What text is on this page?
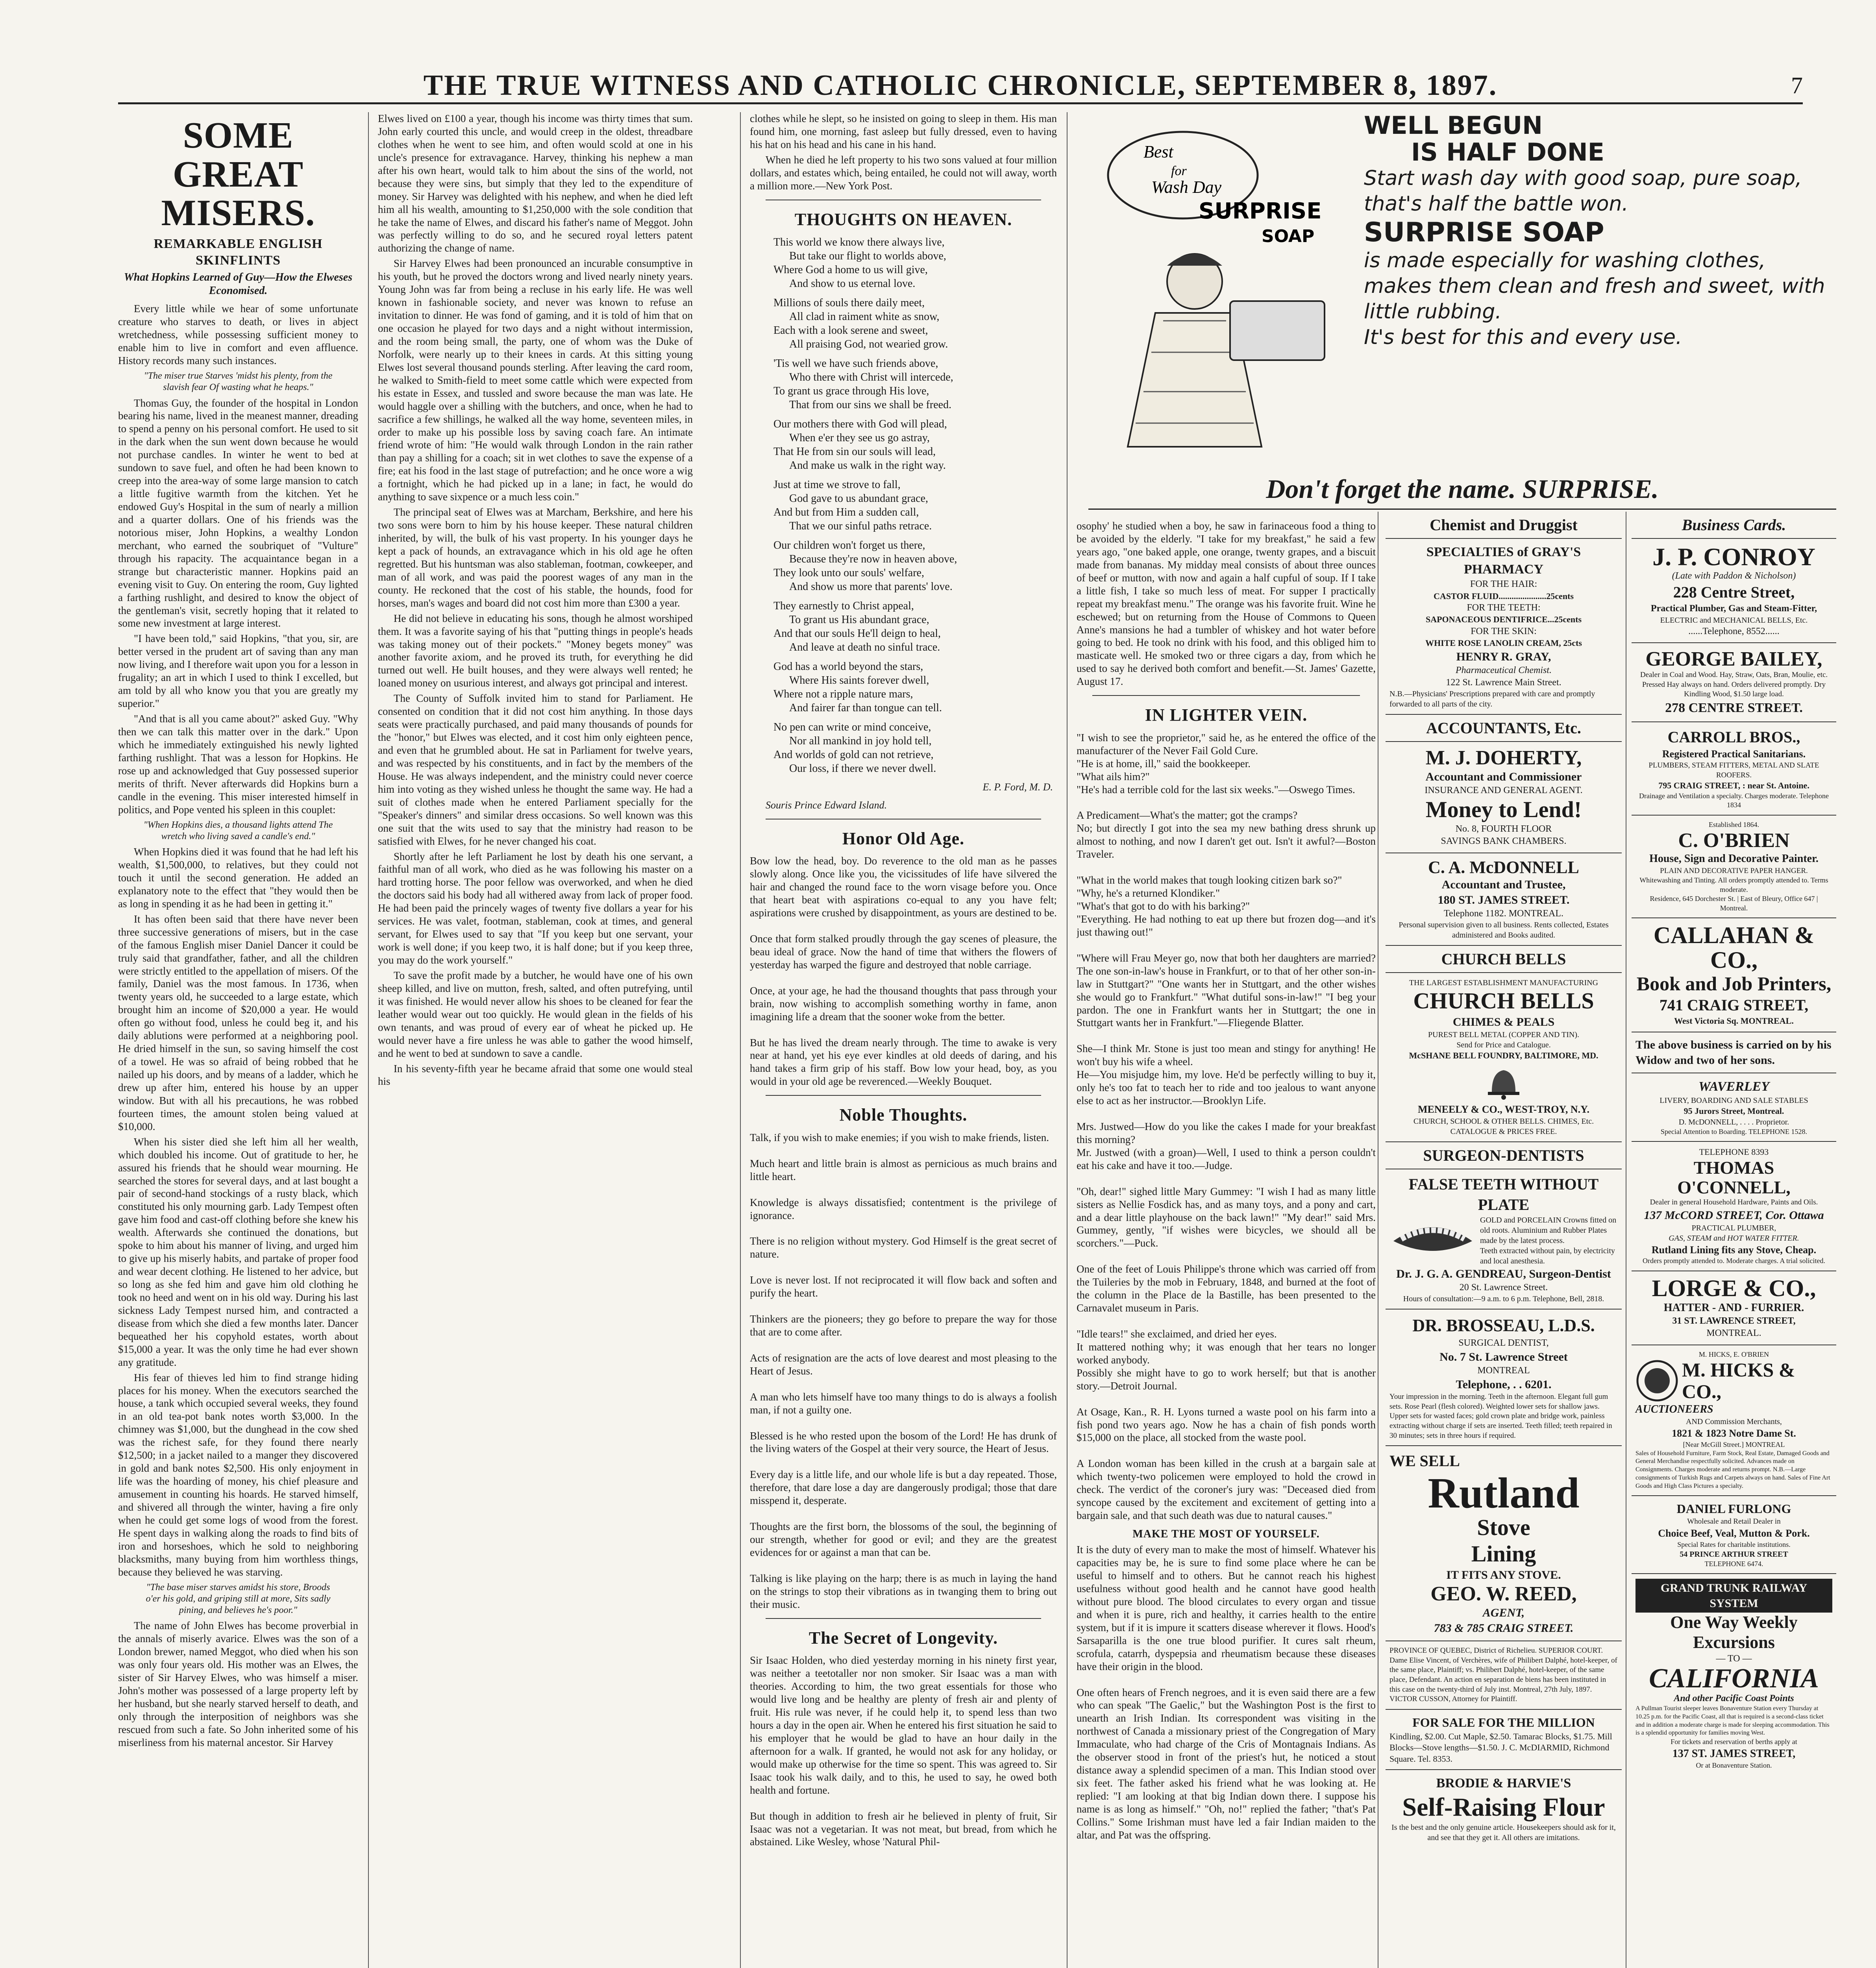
THE TRUE WITNESS AND CATHOLIC CHRONICLE, SEPTEMBER 8, 1897.	7
SOME GREAT MISERS.
REMARKABLE ENGLISH SKINFLINTS
What Hopkins Learned of Guy—How the Elweses Economised.

Every little while we hear of some unfortunate creature who starves to death, or lives in abject wretchedness, while possessing sufficient money to enable him to live in comfort and even affluence. History records many such instances.

"The miser true Starves 'midst his plenty, from the slavish fear Of wasting what he heaps."

Thomas Guy, the founder of the hospital in London bearing his name, lived in the meanest manner, dreading to spend a penny on his personal comfort. He used to sit in the dark when the sun went down because he would not purchase candles. In winter he went to bed at sundown to save fuel, and often he had been known to creep into the area-way of some large mansion to catch a little fugitive warmth from the kitchen. Yet he endowed Guy's Hospital in the sum of nearly a million and a quarter dollars. One of his friends was the notorious miser, John Hopkins, a wealthy London merchant, who earned the soubriquet of "Vulture" through his rapacity. The acquaintance began in a strange but characteristic manner. Hopkins paid an evening visit to Guy. On entering the room, Guy lighted a farthing rushlight, and desired to know the object of the gentleman's visit, secretly hoping that it related to some new investment at large interest.

"I have been told," said Hopkins, "that you, sir, are better versed in the prudent art of saving than any man now living, and I therefore wait upon you for a lesson in frugality; an art in which I used to think I excelled, but am told by all who know you that you are greatly my superior."

"And that is all you came about?" asked Guy. "Why then we can talk this matter over in the dark." Upon which he immediately extinguished his newly lighted farthing rushlight. That was a lesson for Hopkins. He rose up and acknowledged that Guy possessed superior merits of thrift. Never afterwards did Hopkins burn a candle in the evening. This miser interested himself in politics, and Pope vented his spleen in this couplet:

"When Hopkins dies, a thousand lights attend The wretch who living saved a candle's end."

When Hopkins died it was found that he had left his wealth, $1,500,000, to relatives, but they could not touch it until the second generation. He added an explanatory note to the effect that "they would then be as long in spending it as he had been in getting it."

It has often been said that there have never been three successive generations of misers, but in the case of the famous English miser Daniel Dancer it could be truly said that grandfather, father, and all the children were strictly entitled to the appellation of misers. Of the family, Daniel was the most famous. In 1736, when twenty years old, he succeeded to a large estate, which brought him an income of $20,000 a year. He would often go without food, unless he could beg it, and his daily ablutions were performed at a neighboring pool. He dried himself in the sun, so saving himself the cost of a towel. He was so afraid of being robbed that he nailed up his doors, and by means of a ladder, which he drew up after him, entered his house by an upper window. But with all his precautions, he was robbed fourteen times, the amount stolen being valued at $10,000.

When his sister died she left him all her wealth, which doubled his income. Out of gratitude to her, he assured his friends that he should wear mourning. He searched the stores for several days, and at last bought a pair of second-hand stockings of a rusty black, which constituted his only mourning garb. Lady Tempest often gave him food and cast-off clothing before she knew his wealth. Afterwards she continued the donations, but spoke to him about his manner of living, and urged him to give up his miserly habits, and partake of proper food and wear decent clothing. He listened to her advice, but so long as she fed him and gave him old clothing he took no heed and went on in his old way. During his last sickness Lady Tempest nursed him, and contracted a disease from which she died a few months later. Dancer bequeathed her his copyhold estates, worth about $15,000 a year. It was the only time he had ever shown any gratitude.

His fear of thieves led him to find strange hiding places for his money. When the executors searched the house, a tank which occupied several weeks, they found in an old tea-pot bank notes worth $3,000. In the chimney was $1,000, but the dunghead in the cow shed was the richest safe, for they found there nearly $12,500; in a jacket nailed to a manger they discovered in gold and bank notes $2,500. His only enjoyment in life was the hoarding of money, his chief pleasure and amusement in counting his hoards. He starved himself, and shivered all through the winter, having a fire only when he could get some logs of wood from the forest. He spent days in walking along the roads to find bits of iron and horseshoes, which he sold to neighboring blacksmiths, many buying from him worthless things, because they believed he was starving.

"The base miser starves amidst his store, Broods o'er his gold, and griping still at more, Sits sadly pining, and believes he's poor."

The name of John Elwes has become proverbial in the annals of miserly avarice. Elwes was the son of a London brewer, named Meggot, who died when his son was only four years old. His mother was an Elwes, the sister of Sir Harvey Elwes, who was himself a miser. John's mother was possessed of a large property left by her husband, but she nearly starved herself to death, and only through the interposition of neighbors was she rescued from such a fate. So John inherited some of his miserliness from his maternal ancestor. Sir Harvey

Elwes lived on £100 a year, though his income was thirty times that sum. John early courted this uncle, and would creep in the oldest, threadbare clothes when he went to see him, and often would scold at one in his uncle's presence for extravagance. Harvey, thinking his nephew a man after his own heart, would talk to him about the sins of the world, not because they were sins, but simply that they led to the expenditure of money. Sir Harvey was delighted with his nephew, and when he died left him all his wealth, amounting to $1,250,000 with the sole condition that he take the name of Elwes, and discard his father's name of Meggot. John was perfectly willing to do so, and he secured royal letters patent authorizing the change of name.

Sir Harvey Elwes had been pronounced an incurable consumptive in his youth, but he proved the doctors wrong and lived nearly ninety years. Young John was far from being a recluse in his early life. He was well known in fashionable society, and never was known to refuse an invitation to dinner. He was fond of gaming, and it is told of him that on one occasion he played for two days and a night without intermission, and the room being small, the party, one of whom was the Duke of Norfolk, were nearly up to their knees in cards. At this sitting young Elwes lost several thousand pounds sterling. After leaving the card room, he walked to Smith-field to meet some cattle which were expected from his estate in Essex, and tussled and swore because the man was late. He would haggle over a shilling with the butchers, and once, when he had to sacrifice a few shillings, he walked all the way home, seventeen miles, in order to make up his possible loss by saving coach fare. An intimate friend wrote of him: "He would walk through London in the rain rather than pay a shilling for a coach; sit in wet clothes to save the expense of a fire; eat his food in the last stage of putrefaction; and he once wore a wig a fortnight, which he had picked up in a lane; in fact, he would do anything to save sixpence or a much less coin."

The principal seat of Elwes was at Marcham, Berkshire, and here his two sons were born to him by his house keeper. These natural children inherited, by will, the bulk of his vast property. In his younger days he kept a pack of hounds, an extravagance which in his old age he often regretted. But his huntsman was also stableman, footman, cowkeeper, and man of all work, and was paid the poorest wages of any man in the county. He reckoned that the cost of his stable, the hounds, food for horses, man's wages and board did not cost him more than £300 a year.

He did not believe in educating his sons, though he almost worshiped them. It was a favorite saying of his that "putting things in people's heads was taking money out of their pockets." "Money begets money" was another favorite axiom, and he proved its truth, for everything he did turned out well. He built houses, and they were always well rented; he loaned money on usurious interest, and always got principal and interest.

The County of Suffolk invited him to stand for Parliament. He consented on condition that it did not cost him anything. In those days seats were practically purchased, and paid many thousands of pounds for the "honor," but Elwes was elected, and it cost him only eighteen pence, and even that he grumbled about. He sat in Parliament for twelve years, and was respected by his constituents, and in fact by the members of the House. He was always independent, and the ministry could never coerce him into voting as they wished unless he thought the same way. He had a suit of clothes made when he entered Parliament specially for the "Speaker's dinners" and similar dress occasions. So well known was this one suit that the wits used to say that the ministry had reason to be satisfied with Elwes, for he never changed his coat.

Shortly after he left Parliament he lost by death his one servant, a faithful man of all work, who died as he was following his master on a hard trotting horse. The poor fellow was overworked, and when he died the doctors said his body had all withered away from lack of proper food. He had been paid the princely wages of twenty five dollars a year for his services. He was valet, footman, stableman, cook at times, and general servant, for Elwes used to say that "If you keep but one servant, your work is well done; if you keep two, it is half done; but if you keep three, you may do the work yourself."

To save the profit made by a butcher, he would have one of his own sheep killed, and live on mutton, fresh, salted, and often putrefying, until it was finished. He would never allow his shoes to be cleaned for fear the leather would wear out too quickly. He would glean in the fields of his own tenants, and was proud of every ear of wheat he picked up. He would never have a fire unless he was able to gather the wood himself, and he went to bed at sundown to save a candle.

In his seventy-fifth year he became afraid that some one would steal his

clothes while he slept, so he insisted on going to sleep in them. His man found him, one morning, fast asleep but fully dressed, even to having his hat on his head and his cane in his hand.

When he died he left property to his two sons valued at four million dollars, and estates which, being entailed, he could not will away, worth a million more.—New York Post.

THOUGHTS ON HEAVEN.
This world we know there always live,
But take our flight to worlds above,
Where God a home to us will give,
And show to us eternal love.
Millions of souls there daily meet,
All clad in raiment white as snow,
Each with a look serene and sweet,
All praising God, not wearied grow.
'Tis well we have such friends above,
Who there with Christ will intercede,
To grant us grace through His love,
That from our sins we shall be freed.
Our mothers there with God will plead,
When e'er they see us go astray,
That He from sin our souls will lead,
And make us walk in the right way.
Just at time we strove to fall,
God gave to us abundant grace,
And but from Him a sudden call,
That we our sinful paths retrace.
Our children won't forget us there,
Because they're now in heaven above,
They look unto our souls' welfare,
And show us more that parents' love.
They earnestly to Christ appeal,
To grant us His abundant grace,
And that our souls He'll deign to heal,
And leave at death no sinful trace.
God has a world beyond the stars,
Where His saints forever dwell,
Where not a ripple nature mars,
And fairer far than tongue can tell.
No pen can write or mind conceive,
Nor all mankind in joy hold tell,
And worlds of gold can not retrieve,
Our loss, if there we never dwell.
E. P. Ford, M. D.
Souris Prince Edward Island.
Honor Old Age.
Bow low the head, boy. Do reverence to the old man as he passes slowly along. Once like you, the vicissitudes of life have silvered the hair and changed the round face to the worn visage before you. Once that heart beat with aspirations co-equal to any you have felt; aspirations were crushed by disappointment, as yours are destined to be.

Once that form stalked proudly through the gay scenes of pleasure, the beau ideal of grace. Now the hand of time that withers the flowers of yesterday has warped the figure and destroyed that noble carriage.

Once, at your age, he had the thousand thoughts that pass through your brain, now wishing to accomplish something worthy in fame, anon imagining life a dream that the sooner woke from the better.

But he has lived the dream nearly through. The time to awake is very near at hand, yet his eye ever kindles at old deeds of daring, and his hand takes a firm grip of his staff. Bow low your head, boy, as you would in your old age be reverenced.—Weekly Bouquet.
Noble Thoughts.
Talk, if you wish to make enemies; if you wish to make friends, listen.

Much heart and little brain is almost as pernicious as much brains and little heart.

Knowledge is always dissatisfied; contentment is the privilege of ignorance.

There is no religion without mystery. God Himself is the great secret of nature.

Love is never lost. If not reciprocated it will flow back and soften and purify the heart.

Thinkers are the pioneers; they go before to prepare the way for those that are to come after.

Acts of resignation are the acts of love dearest and most pleasing to the Heart of Jesus.

A man who lets himself have too many things to do is always a foolish man, if not a guilty one.

Blessed is he who rested upon the bosom of the Lord! He has drunk of the living waters of the Gospel at their very source, the Heart of Jesus.

Every day is a little life, and our whole life is but a day repeated. Those, therefore, that dare lose a day are dangerously prodigal; those that dare misspend it, desperate.

Thoughts are the first born, the blossoms of the soul, the beginning of our strength, whether for good or evil; and they are the greatest evidences for or against a man that can be.

Talking is like playing on the harp; there is as much in laying the hand on the strings to stop their vibrations as in twanging them to bring out their music.
The Secret of Longevity.
Sir Isaac Holden, who died yesterday morning in his ninety first year, was neither a teetotaller nor non smoker. Sir Isaac was a man with theories. According to him, the two great essentials for those who would live long and be healthy are plenty of fresh air and plenty of fruit. His rule was never, if he could help it, to spend less than two hours a day in the open air. When he entered his first situation he said to his employer that he would be glad to have an hour daily in the afternoon for a walk. If granted, he would not ask for any holiday, or would make up otherwise for the time so spent. This was agreed to. Sir Isaac took his walk daily, and to this, he used to say, he owed both health and fortune.

But though in addition to fresh air he believed in plenty of fruit, Sir Isaac was not a vegetarian. It was not meat, but bread, from which he abstained. Like Wesley, whose 'Natural Phil-

osophy' he studied when a boy, he saw in farinaceous food a thing to be avoided by the elderly. "I take for my breakfast," he said a few years ago, "one baked apple, one orange, twenty grapes, and a biscuit made from bananas. My midday meal consists of about three ounces of beef or mutton, with now and again a half cupful of soup. If I take a little fish, I take so much less of meat. For supper I practically repeat my breakfast menu." The orange was his favorite fruit. Wine he eschewed; but on returning from the House of Commons to Queen Anne's mansions he had a tumbler of whiskey and hot water before going to bed. He took no drink with his food, and this obliged him to masticate well. He smoked two or three cigars a day, from which he used to say he derived both comfort and benefit.—St. James' Gazette, August 17.

IN LIGHTER VEIN.
"I wish to see the proprietor," said he, as he entered the office of the manufacturer of the Never Fail Gold Cure.
"He is at home, ill," said the bookkeeper.
"What ails him?"
"He's had a terrible cold for the last six weeks."—Oswego Times.

A Predicament—What's the matter; got the cramps?
No; but directly I got into the sea my new bathing dress shrunk up almost to nothing, and now I daren't get out. Isn't it awful?—Boston Traveler.

"What in the world makes that tough looking citizen bark so?"
"Why, he's a returned Klondiker."
"What's that got to do with his barking?"
"Everything. He had nothing to eat up there but frozen dog—and it's just thawing out!"

"Where will Frau Meyer go, now that both her daughters are married? The one son-in-law's house in Frankfurt, or to that of her other son-in-law in Stuttgart?" "One wants her in Stuttgart, and the other wishes she would go to Frankfurt." "What dutiful sons-in-law!" "I beg your pardon. The one in Frankfurt wants her in Stuttgart; the one in Stuttgart wants her in Frankfurt."—Fliegende Blatter.

She—I think Mr. Stone is just too mean and stingy for anything! He won't buy his wife a wheel.
He—You misjudge him, my love. He'd be perfectly willing to buy it, only he's too fat to teach her to ride and too jealous to want anyone else to act as her instructor.—Brooklyn Life.

Mrs. Justwed—How do you like the cakes I made for your breakfast this morning?
Mr. Justwed (with a groan)—Well, I used to think a person couldn't eat his cake and have it too.—Judge.

"Oh, dear!" sighed little Mary Gummey: "I wish I had as many little sisters as Nellie Fosdick has, and as many toys, and a pony and cart, and a dear little playhouse on the back lawn!" "My dear!" said Mrs. Gummey, gently, "if wishes were bicycles, we should all be scorchers."—Puck.

One of the feet of Louis Philippe's throne which was carried off from the Tuileries by the mob in February, 1848, and burned at the foot of the column in the Place de la Bastille, has been presented to the Carnavalet museum in Paris.

"Idle tears!" she exclaimed, and dried her eyes.
It mattered nothing why; it was enough that her tears no longer worked anybody.
Possibly she might have to go to work herself; but that is another story.—Detroit Journal.

At Osage, Kan., R. H. Lyons turned a waste pool on his farm into a fish pond two years ago. Now he has a chain of fish ponds worth $15,000 on the place, all stocked from the waste pool.

A London woman has been killed in the crush at a bargain sale at which twenty-two policemen were employed to hold the crowd in check. The verdict of the coroner's jury was: "Deceased died from syncope caused by the excitement and excitement of getting into a bargain sale, and that such death was due to natural causes."
MAKE THE MOST OF YOURSELF.
It is the duty of every man to make the most of himself. Whatever his capacities may be, he is sure to find some place where he can be useful to himself and to others. But he cannot reach his highest usefulness without good health and he cannot have good health without pure blood. The blood circulates to every organ and tissue and when it is pure, rich and healthy, it carries health to the entire system, but if it is impure it scatters disease wherever it flows. Hood's Sarsaparilla is the one true blood purifier. It cures salt rheum, scrofula, catarrh, dyspepsia and rheumatism because these diseases have their origin in the blood.

One often hears of French negroes, and it is even said there are a few who can speak "The Gaelic," but the Washington Post is the first to unearth an Irish Indian. Its correspondent was visiting in the northwest of Canada a missionary priest of the Congregation of Mary Immaculate, who had charge of the Cris of Montagnais Indians. As the observer stood in front of the priest's hut, he noticed a stout distance away a splendid specimen of a man. This Indian stood over six feet. The father asked his friend what he was looking at. He replied: "I am looking at that big Indian down there. I suppose his name is as long as himself." "Oh, no!" replied the father; "that's Pat Collins." Some Irishman must have led a fair Indian maiden to the altar, and Pat was the offspring.
Best
for
Wash Day
SURPRISE
SOAP
WELL BEGUN
IS HALF DONE
Start wash day with good soap, pure soap, that's half the battle won.
SURPRISE SOAP
is made especially for washing clothes, makes them clean and fresh and sweet, with little rubbing.
It's best for this and every use.
Don't forget the name. SURPRISE.
Chemist and Druggist
SPECIALTIES of GRAY'S PHARMACY
FOR THE HAIR:
CASTOR FLUID......................25cents
FOR THE TEETH:
SAPONACEOUS DENTIFRICE...25cents
FOR THE SKIN:
WHITE ROSE LANOLIN CREAM, 25cts
HENRY R. GRAY,
Pharmaceutical Chemist.
122 St. Lawrence Main Street.
N.B.—Physicians' Prescriptions prepared with care and promptly forwarded to all parts of the city.
ACCOUNTANTS, Etc.
M. J. DOHERTY,
Accountant and Commissioner
INSURANCE AND GENERAL AGENT.
Money to Lend!
No. 8, FOURTH FLOOR
SAVINGS BANK CHAMBERS.
C. A. McDONNELL
Accountant and Trustee,
180 ST. JAMES STREET.
Telephone 1182. MONTREAL.
Personal supervision given to all business. Rents collected, Estates administered and Books audited.
CHURCH BELLS
THE LARGEST ESTABLISHMENT MANUFACTURING
CHURCH BELLS
CHIMES & PEALS
PUREST BELL METAL (COPPER AND TIN).
Send for Price and Catalogue.
McSHANE BELL FOUNDRY, BALTIMORE, MD.
MENEELY & CO., WEST-TROY, N.Y.
CHURCH, SCHOOL & OTHER BELLS. CHIMES, Etc. CATALOGUE & PRICES FREE.
SURGEON-DENTISTS
FALSE TEETH WITHOUT PLATE
GOLD and PORCELAIN Crowns fitted on old roots. Aluminium and Rubber Plates made by the latest process.
Teeth extracted without pain, by electricity and local anesthesia.
Dr. J. G. A. GENDREAU, Surgeon-Dentist
20 St. Lawrence Street.
Hours of consultation:—9 a.m. to 6 p.m. Telephone, Bell, 2818.
DR. BROSSEAU, L.D.S.
SURGICAL DENTIST,
No. 7 St. Lawrence Street
MONTREAL
Telephone, . . 6201.
Your impression in the morning. Teeth in the afternoon. Elegant full gum sets. Rose Pearl (flesh colored). Weighted lower sets for shallow jaws. Upper sets for wasted faces; gold crown plate and bridge work, painless extracting without charge if sets are inserted. Teeth filled; teeth repaired in 30 minutes; sets in three hours if required.
WE SELL
Rutland
Stove
Lining
IT FITS ANY STOVE.
GEO. W. REED,
AGENT,
783 & 785 CRAIG STREET.
PROVINCE OF QUEBEC, District of Richelieu. SUPERIOR COURT. Dame Elise Vincent, of Verchères, wife of Philibert Dalphé, hotel-keeper, of the same place, Plaintiff; vs. Philibert Dalphé, hotel-keeper, of the same place, Defendant. An action en separation de biens has been instituted in this case on the twenty-third of July inst. Montreal, 27th July, 1897. VICTOR CUSSON, Attorney for Plaintiff.
FOR SALE FOR THE MILLION
Kindling, $2.00. Cut Maple, $2.50. Tamarac Blocks, $1.75. Mill Blocks—Stove lengths—$1.50. J. C. McDIARMID, Richmond Square. Tel. 8353.
BRODIE & HARVIE'S
Self-Raising Flour
Is the best and the only genuine article. Housekeepers should ask for it, and see that they get it. All others are imitations.
Business Cards.
J. P. CONROY
(Late with Paddon & Nicholson)
228 Centre Street,
Practical Plumber, Gas and Steam-Fitter,
ELECTRIC and MECHANICAL BELLS, Etc.
......Telephone, 8552......
GEORGE BAILEY,
Dealer in Coal and Wood. Hay, Straw, Oats, Bran, Moulie, etc. Pressed Hay always on hand. Orders delivered promptly. Dry Kindling Wood, $1.50 large load.
278 CENTRE STREET.
CARROLL BROS.,
Registered Practical Sanitarians.
PLUMBERS, STEAM FITTERS, METAL AND SLATE ROOFERS.
795 CRAIG STREET, : near St. Antoine.
Drainage and Ventilation a specialty. Charges moderate. Telephone 1834
Established 1864.
C. O'BRIEN
House, Sign and Decorative Painter.
PLAIN AND DECORATIVE PAPER HANGER.
Whitewashing and Tinting. All orders promptly attended to. Terms moderate.
Residence, 645 Dorchester St. | East of Bleury, Office 647 | Montreal.
CALLAHAN & CO.,
Book and Job Printers,
741 CRAIG STREET,
West Victoria Sq. MONTREAL.
The above business is carried on by his Widow and two of her sons.
WAVERLEY
LIVERY, BOARDING AND SALE STABLES
95 Jurors Street, Montreal.
D. McDONNELL, . . . . Proprietor.
Special Attention to Boarding. TELEPHONE 1528.
TELEPHONE 8393
THOMAS O'CONNELL,
Dealer in general Household Hardware, Paints and Oils.
137 McCORD STREET, Cor. Ottawa
PRACTICAL PLUMBER,
GAS, STEAM and HOT WATER FITTER.
Rutland Lining fits any Stove, Cheap.
Orders promptly attended to. Moderate charges. A trial solicited.
LORGE & CO.,
HATTER - AND - FURRIER.
31 ST. LAWRENCE STREET,
MONTREAL.
M. HICKS, E. O'BRIEN
M. HICKS & CO.,
AUCTIONEERS
AND Commission Merchants,
1821 & 1823 Notre Dame St.
[Near McGill Street.] MONTREAL
Sales of Household Furniture, Farm Stock, Real Estate, Damaged Goods and General Merchandise respectfully solicited. Advances made on Consignments. Charges moderate and returns prompt. N.B.—Large consignments of Turkish Rugs and Carpets always on hand. Sales of Fine Art Goods and High Class Pictures a specialty.
DANIEL FURLONG
Wholesale and Retail Dealer in
Choice Beef, Veal, Mutton & Pork.
Special Rates for charitable institutions.
54 PRINCE ARTHUR STREET
TELEPHONE 6474.
GRAND TRUNK RAILWAY SYSTEM
One Way Weekly Excursions
— TO —
CALIFORNIA
And other Pacific Coast Points
A Pullman Tourist sleeper leaves Bonaventure Station every Thursday at 10.25 p.m. for the Pacific Coast, all that is required is a second-class ticket and in addition a moderate charge is made for sleeping accommodation. This is a splendid opportunity for families moving West.
For tickets and reservation of berths apply at
137 ST. JAMES STREET,
Or at Bonaventure Station.
